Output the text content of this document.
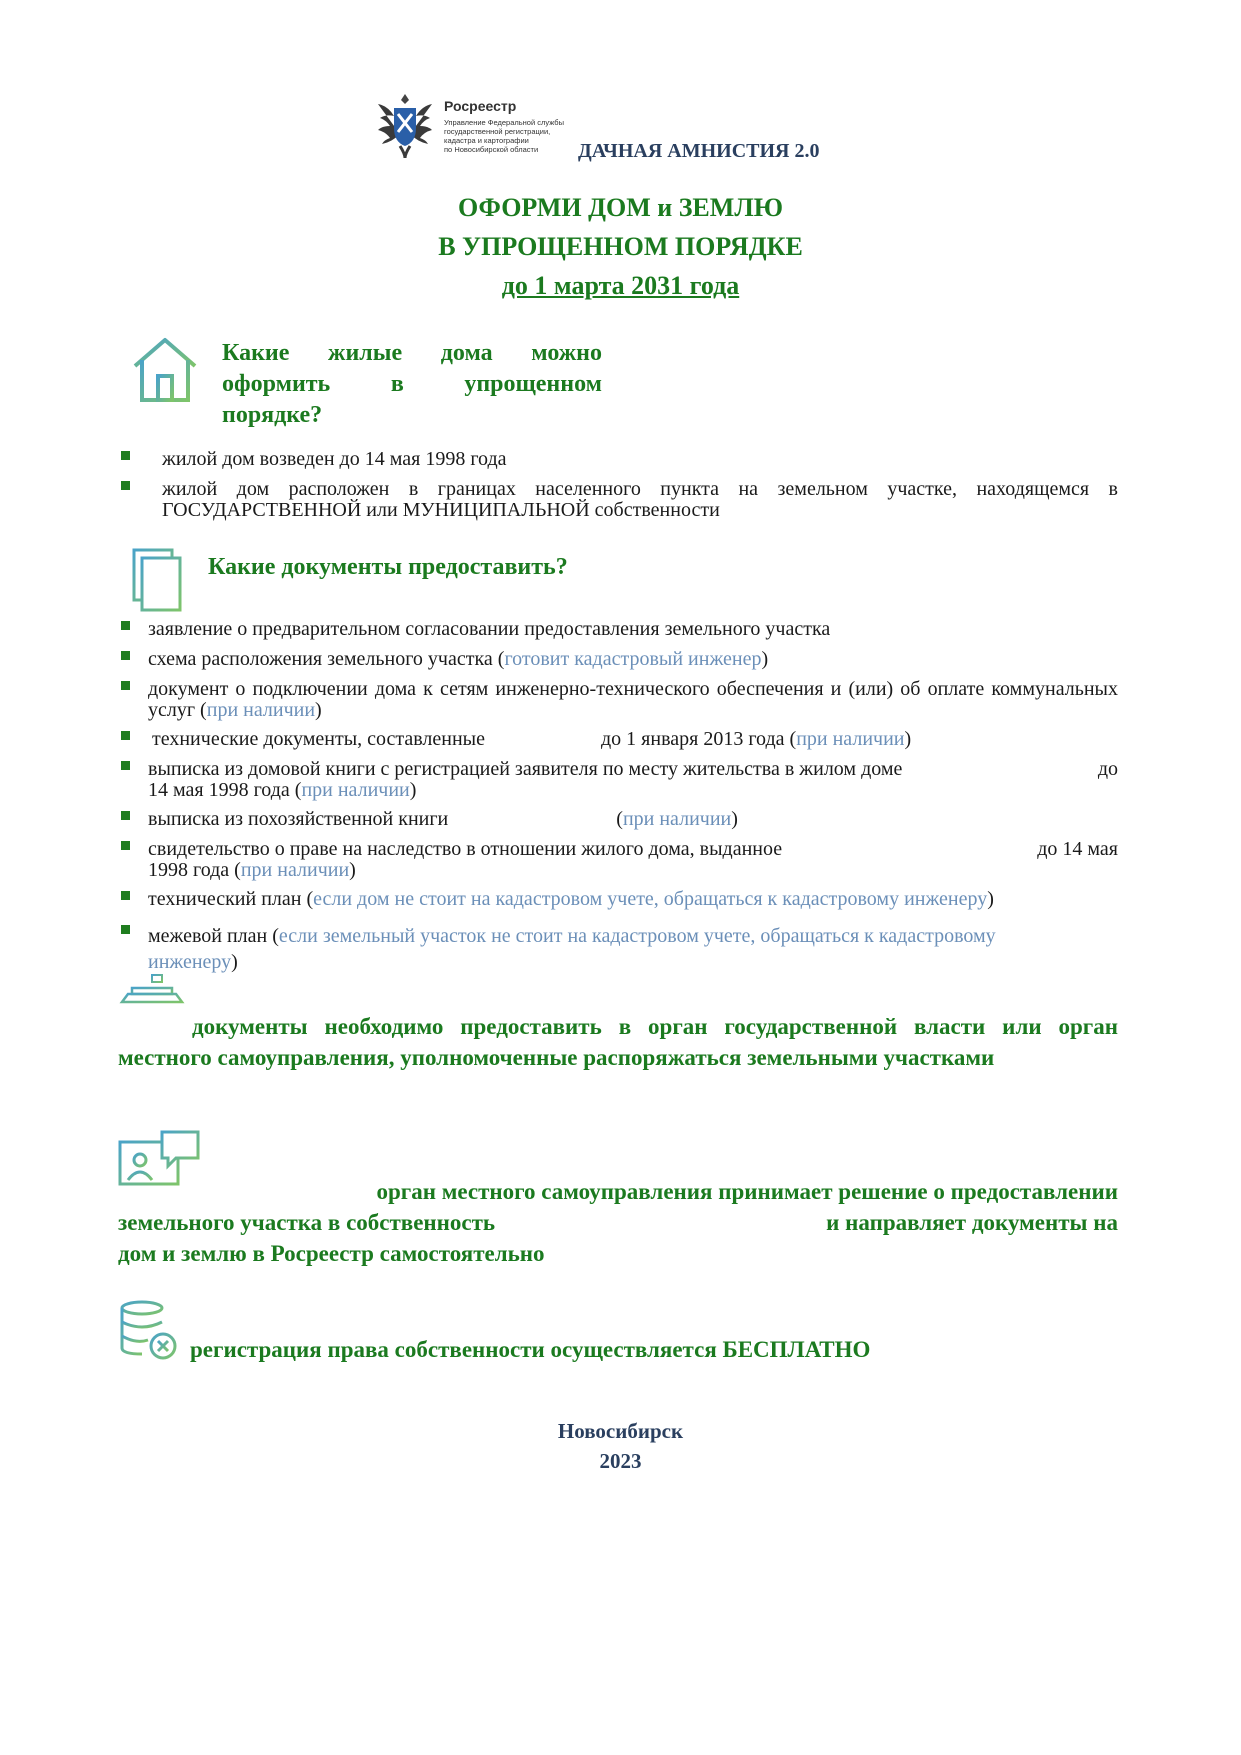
Росреестр
Управление Федеральной службы
государственной регистрации,
кадастра и картографии
по Новосибирской области	ДАЧНАЯ АМНИСТИЯ 2.0
ОФОРМИ ДОМ и ЗЕМЛЮ
В УПРОЩЕННОМ ПОРЯДКЕ
до 1 марта 2031 года
Какие жилые дома можно
оформить	в	упрощенном
порядке?
жилой дом возведен до 14 мая 1998 года
жилой дом расположен в границах населенного пункта на земельном участке, находящемся в ГОСУДАРСТВЕННОЙ или МУНИЦИПАЛЬНОЙ собственности
Какие документы предоставить?
заявление о предварительном согласовании предоставления земельного участка
схема расположения земельного участка (готовит кадастровый инженер)
документ о подключении дома к сетям инженерно-технического обеспечения и (или) об оплате коммунальных услуг (при наличии)
технические документы, составленные	до 1 января 2013 года (при наличии)
выписка из домовой книги с регистрацией заявителя по месту жительства в жилом доме	до
14 мая 1998 года (при наличии)
выписка из похозяйственной книги	(при наличии)
свидетельство о праве на наследство в отношении жилого дома, выданное	до 14 мая
1998 года (при наличии)
технический план (если дом не стоит на кадастровом учете, обращаться к кадастровому инженеру)
межевой план (если земельный участок не стоит на кадастровом учете, обращаться к кадастровому
инженеру)
документы необходимо предоставить в орган государственной власти или орган местного самоуправления, уполномоченные распоряжаться земельными участками
орган местного самоуправления принимает решение о предоставлении
земельного участка в собственность	и направляет документы на
дом и землю в Росреестр самостоятельно
регистрация права собственности осуществляется БЕСПЛАТНО
Новосибирск
2023
